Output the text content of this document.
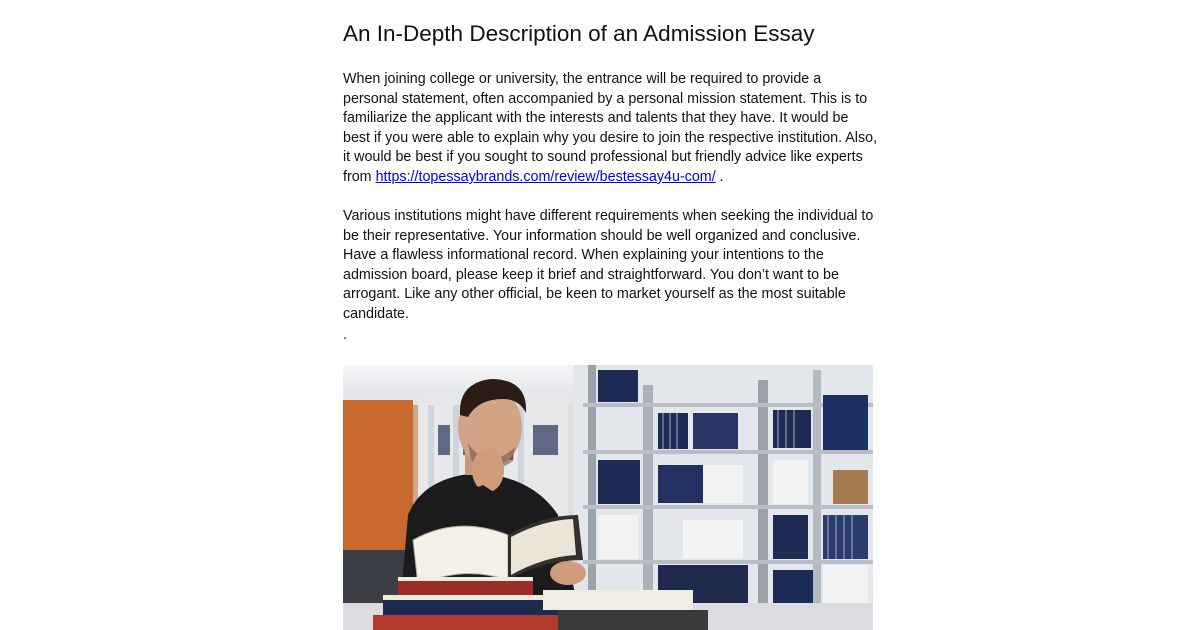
An In-Depth Description of an Admission Essay

When joining college or university, the entrance will be required to provide a personal statement, often accompanied by a personal mission statement. This is to familiarize the applicant with the interests and talents that they have. It would be best if you were able to explain why you desire to join the respective institution. Also, it would be best if you sought to sound professional but friendly advice like experts from https://topessaybrands.com/review/bestessay4u-com/ .

Various institutions might have different requirements when seeking the individual to be their representative. Your information should be well organized and conclusive. Have a flawless informational record. When explaining your intentions to the admission board, please keep it brief and straightforward. You don’t want to be arrogant. Like any other official, be keen to market yourself as the most suitable candidate.

.
